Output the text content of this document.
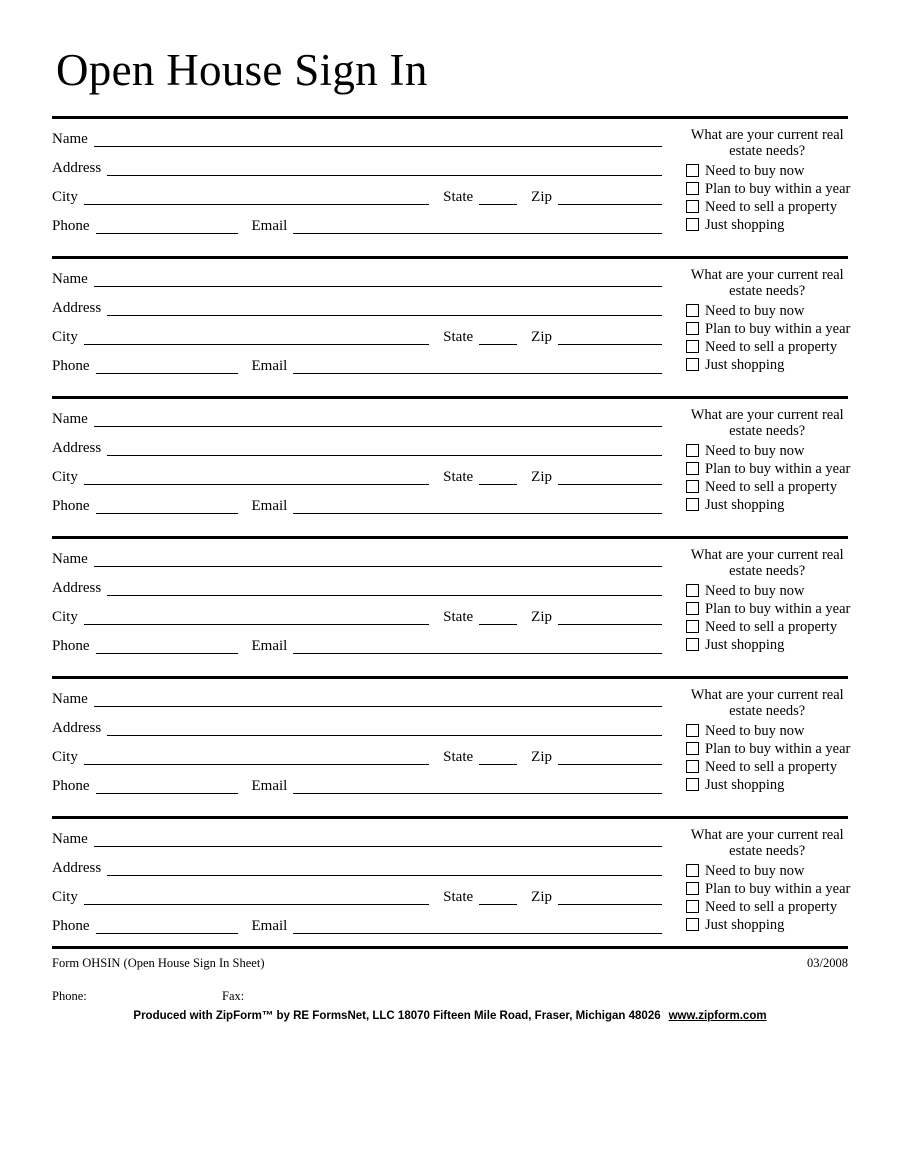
Open House Sign In
Name
Address
City	State	Zip
Phone	Email
What are your current real estate needs?
Need to buy now
Plan to buy within a year
Need to sell a property
Just shopping
Name
Address
City	State	Zip
Phone	Email
What are your current real estate needs?
Need to buy now
Plan to buy within a year
Need to sell a property
Just shopping
Name
Address
City	State	Zip
Phone	Email
What are your current real estate needs?
Need to buy now
Plan to buy within a year
Need to sell a property
Just shopping
Name
Address
City	State	Zip
Phone	Email
What are your current real estate needs?
Need to buy now
Plan to buy within a year
Need to sell a property
Just shopping
Name
Address
City	State	Zip
Phone	Email
What are your current real estate needs?
Need to buy now
Plan to buy within a year
Need to sell a property
Just shopping
Name
Address
City	State	Zip
Phone	Email
What are your current real estate needs?
Need to buy now
Plan to buy within a year
Need to sell a property
Just shopping
Form OHSIN (Open House Sign In Sheet)	03/2008
Phone:	Fax:
Produced with ZipForm™ by RE FormsNet, LLC 18070 Fifteen Mile Road, Fraser, Michigan 48026 www.zipform.com
